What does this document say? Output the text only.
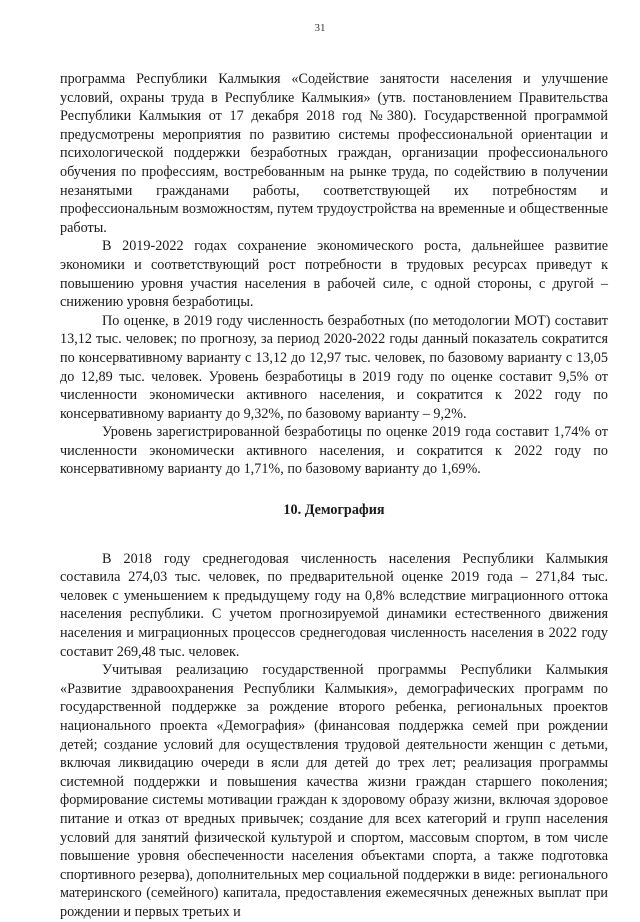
31

программа Республики Калмыкия «Содействие занятости населения и улучшение условий, охраны труда в Республике Калмыкия» (утв. постановлением Правительства Республики Калмыкия от 17 декабря 2018 год №380). Государственной программой предусмотрены мероприятия по развитию системы профессиональной ориентации и психологической поддержки безработных граждан, организации профессионального обучения по профессиям, востребованным на рынке труда, по содействию в получении незанятыми гражданами работы, соответствующей их потребностям и профессиональным возможностям, путем трудоустройства на временные и общественные работы.

В 2019-2022 годах сохранение экономического роста, дальнейшее развитие экономики и соответствующий рост потребности в трудовых ресурсах приведут к повышению уровня участия населения в рабочей силе, с одной стороны, с другой – снижению уровня безработицы.

По оценке, в 2019 году численность безработных (по методологии МОТ) составит 13,12 тыс. человек; по прогнозу, за период 2020-2022 годы данный показатель сократится по консервативному варианту с 13,12 до 12,97 тыс. человек, по базовому варианту с 13,05 до 12,89 тыс. человек. Уровень безработицы в 2019 году по оценке составит 9,5% от численности экономически активного населения, и сократится к 2022 году по консервативному варианту до 9,32%, по базовому варианту – 9,2%.

Уровень зарегистрированной безработицы по оценке 2019 года составит 1,74% от численности экономически активного населения, и сократится к 2022 году по консервативному варианту до 1,71%, по базовому варианту до 1,69%.

10. Демография

В 2018 году среднегодовая численность населения Республики Калмыкия составила 274,03 тыс. человек, по предварительной оценке 2019 года – 271,84 тыс. человек с уменьшением к предыдущему году на 0,8% вследствие миграционного оттока населения республики. С учетом прогнозируемой динамики естественного движения населения и миграционных процессов среднегодовая численность населения в 2022 году составит 269,48 тыс. человек.

Учитывая реализацию государственной программы Республики Калмыкия «Развитие здравоохранения Республики Калмыкия», демографических программ по государственной поддержке за рождение второго ребенка, региональных проектов национального проекта «Демография» (финансовая поддержка семей при рождении детей; создание условий для осуществления трудовой деятельности женщин с детьми, включая ликвидацию очереди в ясли для детей до трех лет; реализация программы системной поддержки и повышения качества жизни граждан старшего поколения; формирование системы мотивации граждан к здоровому образу жизни, включая здоровое питание и отказ от вредных привычек; создание для всех категорий и групп населения условий для занятий физической культурой и спортом, массовым спортом, в том числе повышение уровня обеспеченности населения объектами спорта, а также подготовка спортивного резерва), дополнительных мер социальной поддержки в виде: регионального материнского (семейного) капитала, предоставления ежемесячных денежных выплат при рождении и первых третьих и
